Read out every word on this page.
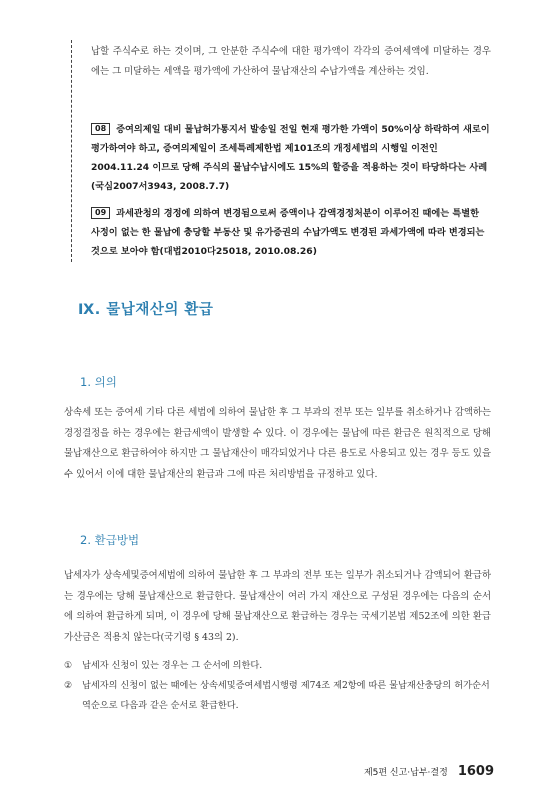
납할 주식수로 하는 것이며, 그 안분한 주식수에 대한 평가액이 각각의 증여세액에 미달하는 경우에는 그 미달하는 세액을 평가액에 가산하여 물납재산의 수납가액을 계산하는 것임.
08 증여의제일 대비 물납허가통지서 발송일 전일 현재 평가한 가액이 50%이상 하락하여 새로이 평가하여야 하고, 증여의제일이 조세특례제한법 제101조의 개정세법의 시행일 이전인 2004.11.24 이므로 당해 주식의 물납수납시에도 15%의 할증을 적용하는 것이 타당하다는 사례(국심2007서3943, 2008.7.7)
09 과세관청의 경정에 의하여 변경됨으로써 증액이나 감액경정처분이 이루어진 때에는 특별한 사정이 없는 한 물납에 충당할 부동산 및 유가증권의 수납가액도 변경된 과세가액에 따라 변경되는 것으로 보아야 함(대법2010다25018, 2010.08.26)
Ⅸ. 물납재산의 환급
1. 의의
상속세 또는 증여세 기타 다른 세법에 의하여 물납한 후 그 부과의 전부 또는 일부를 취소하거나 감액하는 경정결정을 하는 경우에는 환급세액이 발생할 수 있다. 이 경우에는 물납에 따른 환급은 원칙적으로 당해 물납재산으로 환급하여야 하지만 그 물납재산이 매각되었거나 다른 용도로 사용되고 있는 경우 등도 있을 수 있어서 이에 대한 물납재산의 환급과 그에 따른 처리방법을 규정하고 있다.
2. 환급방법
납세자가 상속세및증여세법에 의하여 물납한 후 그 부과의 전부 또는 일부가 취소되거나 감액되어 환급하는 경우에는 당해 물납재산으로 환급한다. 물납재산이 여러 가지 재산으로 구성된 경우에는 다음의 순서에 의하여 환급하게 되며, 이 경우에 당해 물납재산으로 환급하는 경우는 국세기본법 제52조에 의한 환급가산금은 적용치 않는다(국기령 § 43의 2).
①	납세자 신청이 있는 경우는 그 순서에 의한다.
②	납세자의 신청이 없는 때에는 상속세및증여세법시행령 제74조 제2항에 따른 물납재산충당의 허가순서역순으로 다음과 같은 순서로 환급한다.
제5편 신고·납부·결정 1609
